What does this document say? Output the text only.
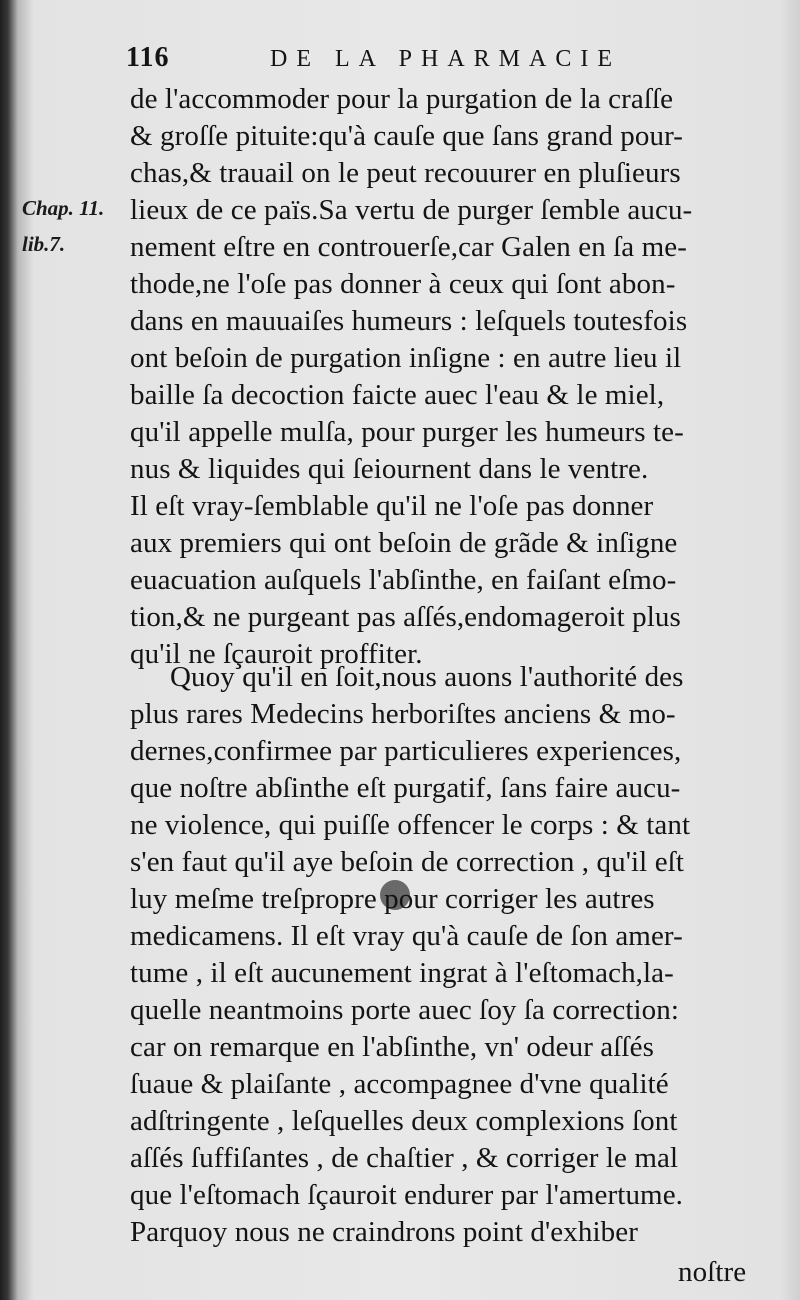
116	DE LA PHARMACIE
Chap. 11.
lib.7.
de l'accommoder pour la purgation de la craſſe
& groſſe pituite:qu'à cauſe que ſans grand pour-
chas,& trauail on le peut recouurer en pluſieurs
lieux de ce païs.Sa vertu de purger ſemble aucu-
nement eſtre en controuerſe,car Galen en ſa me-
thode,ne l'oſe pas donner à ceux qui ſont abon-
dans en mauuaiſes humeurs : leſquels toutesfois
ont beſoin de purgation inſigne : en autre lieu il
baille ſa decoction faicte auec l'eau & le miel,
qu'il appelle mulſa, pour purger les humeurs te-
nus & liquides qui ſeiournent dans le ventre.
Il eſt vray-ſemblable qu'il ne l'oſe pas donner
aux premiers qui ont beſoin de grãde & inſigne
euacuation auſquels l'abſinthe, en faiſant eſmo-
tion,& ne purgeant pas aſſés,endomageroit plus
qu'il ne ſçauroit proffiter.
Quoy qu'il en ſoit,nous auons l'authorité des
plus rares Medecins herboriſtes anciens & mo-
dernes,confirmee par particulieres experiences,
que noſtre abſinthe eſt purgatif, ſans faire aucu-
ne violence, qui puiſſe offencer le corps : & tant
s'en faut qu'il aye beſoin de correction , qu'il eſt
luy meſme treſpropre pour corriger les autres
medicamens. Il eſt vray qu'à cauſe de ſon amer-
tume , il eſt aucunement ingrat à l'eſtomach,la-
quelle neantmoins porte auec ſoy ſa correction:
car on remarque en l'abſinthe, vn' odeur aſſés
ſuaue & plaiſante , accompagnee d'vne qualité
adſtringente , leſquelles deux complexions ſont
aſſés ſuffiſantes , de chaſtier , & corriger le mal
que l'eſtomach ſçauroit endurer par l'amertume.
Parquoy nous ne craindrons point d'exhiber
noſtre
